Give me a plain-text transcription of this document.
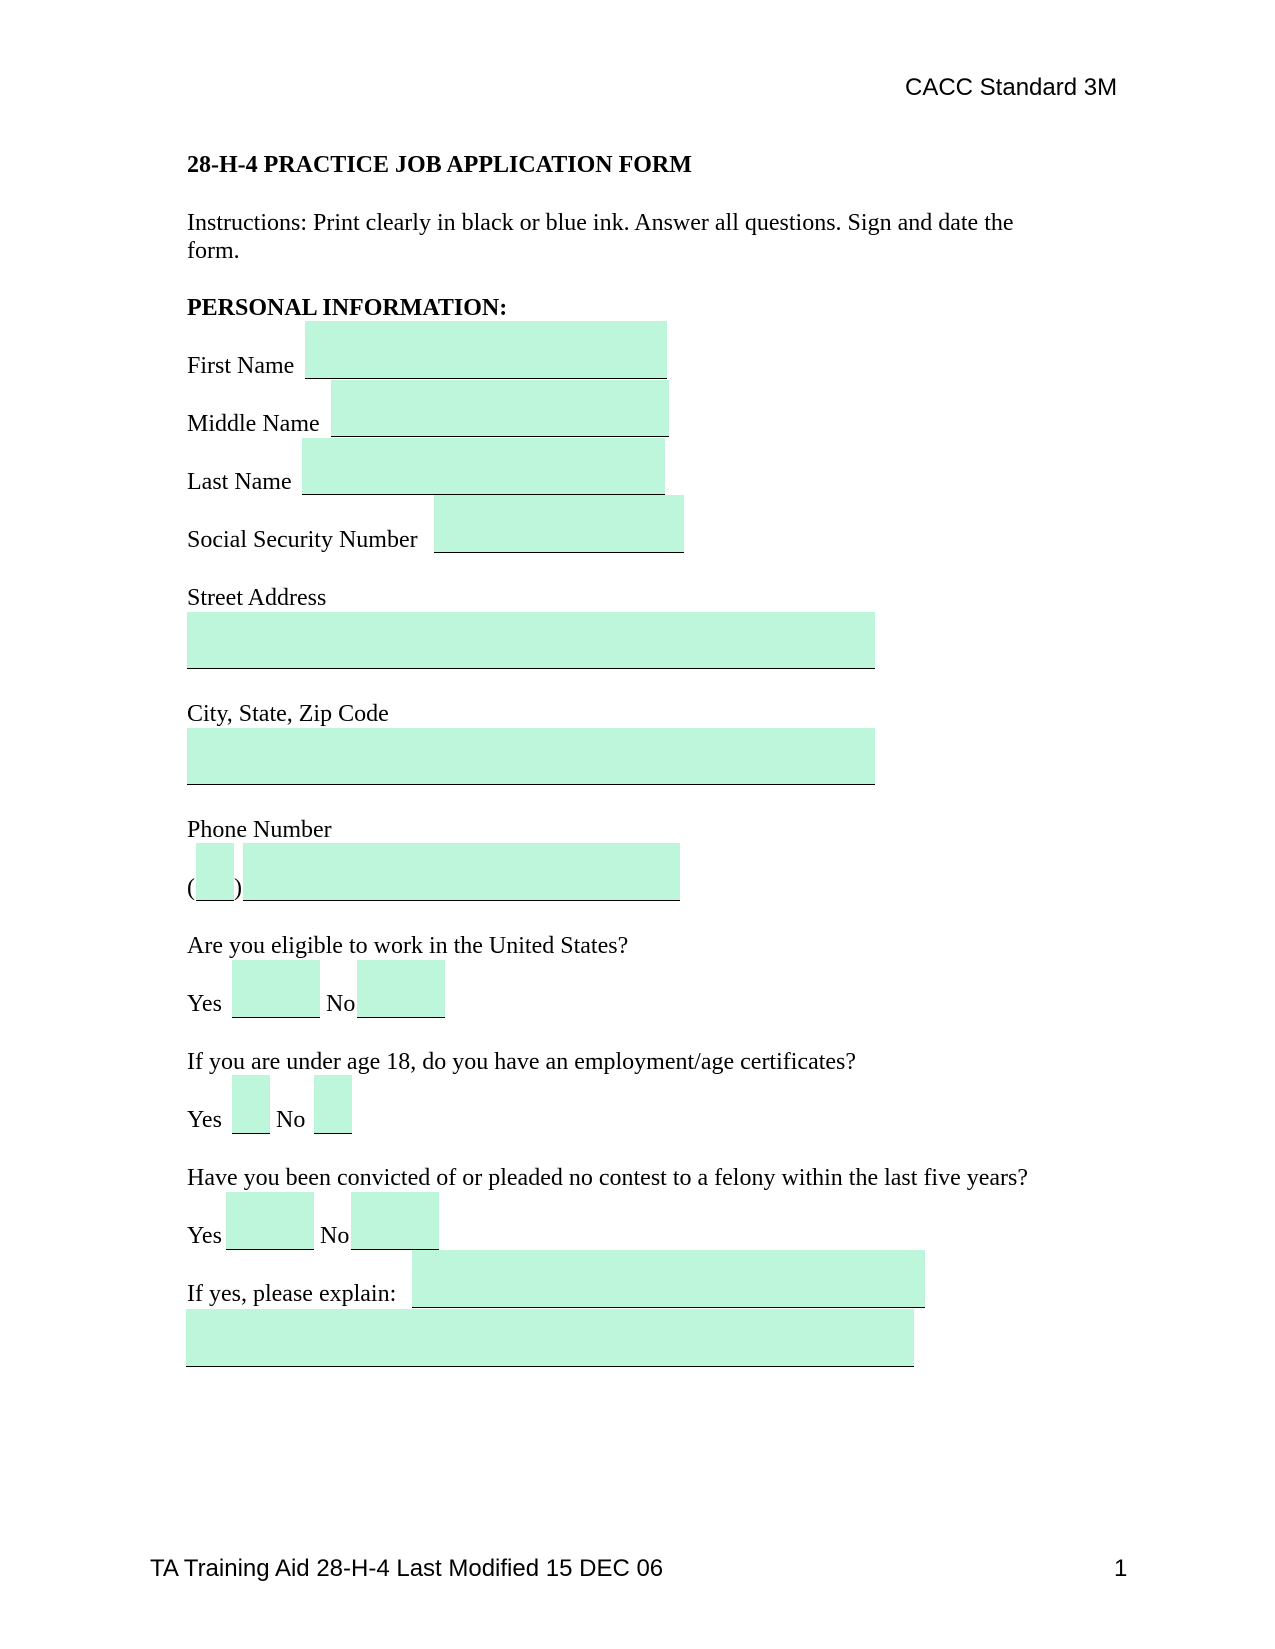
CACC Standard 3M
28-H-4 PRACTICE JOB APPLICATION FORM
Instructions: Print clearly in black or blue ink. Answer all questions. Sign and date the
form.
PERSONAL INFORMATION:
First Name
Middle Name
Last Name
Social Security Number
Street Address
City, State, Zip Code
Phone Number
( )
Are you eligible to work in the United States?
Yes	No
If you are under age 18, do you have an employment/age certificates?
Yes No
Have you been convicted of or pleaded no contest to a felony within the last five years?
Yes	No
If yes, please explain:
TA Training Aid 28-H-4 Last Modified 15 DEC 06	1
